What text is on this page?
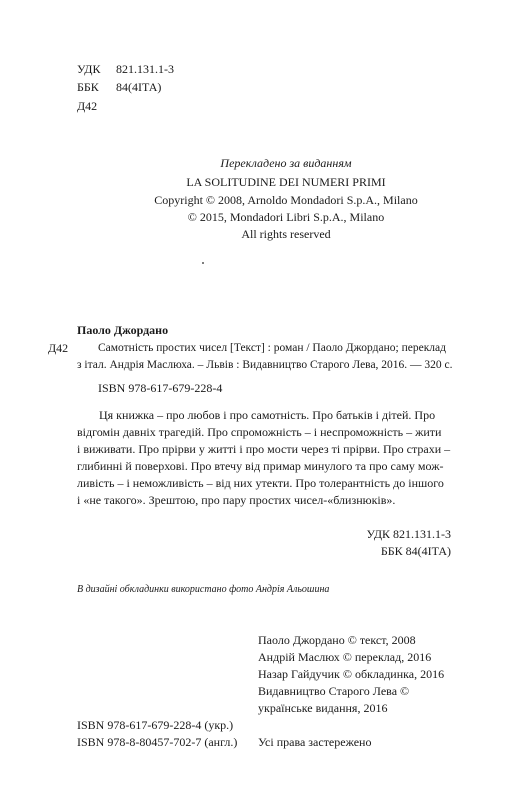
УДК 821.131.1-3
ББК 84(4ІТА)
Д42
Перекладено за виданням
LA SOLITUDINE DEI NUMERI PRIMI
Copyright © 2008, Arnoldo Mondadori S.p.A., Milano
© 2015, Mondadori Libri S.p.A., Milano
All rights reserved
Паоло Джордано
Д42	Самотність простих чисел [Текст] : роман / Паоло Джордано; переклад
з італ. Андрія Маслюха. – Львів : Видавництво Старого Лева, 2016. — 320 с.
ISBN 978-617-679-228-4
Ця книжка – про любов і про самотність. Про батьків і дітей. Про
відгомін давніх трагедій. Про спроможність – і неспроможність – жити
і виживати. Про прірви у житті і про мости через ті прірви. Про страхи –
глибинні й поверхові. Про втечу від примар минулого та про саму мож-
ливість – і неможливість – від них утекти. Про толерантність до іншого
і «не такого». Зрештою, про пару простих чисел-«близнюків».
УДК 821.131.1-3
ББК 84(4ІТА)
В дизайні обкладинки використано фото Андрія Альошина
Паоло Джордано © текст, 2008
Андрій Маслюх © переклад, 2016
Назар Гайдучик © обкладинка, 2016
Видавництво Старого Лева ©
українське видання, 2016
ISBN 978-617-679-228-4 (укр.)
ISBN 978-8-80457-702-7 (англ.) Усі права застережено
